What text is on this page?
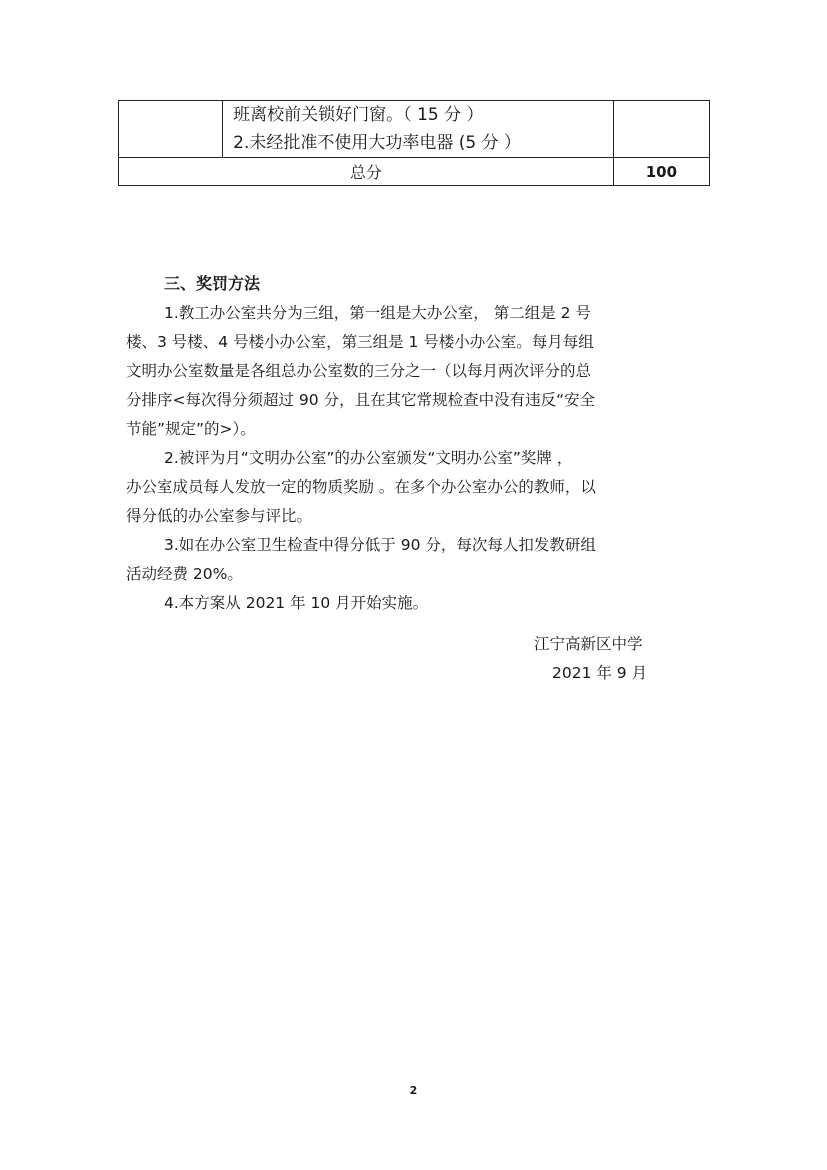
	班离校前关锁好门窗。（ 15 分 ）
2.未经批准不使用大功率电器 (5 分 ）	

总分		100
三、奖罚方法
1.教工办公室共分为三组，第一组是大办公室， 第二组是 2 号
楼、3 号楼、4 号楼小办公室，第三组是 1 号楼小办公室。每月每组
文明办公室数量是各组总办公室数的三分之一（以每月两次评分的总
分排序<每次得分须超过 90 分，且在其它常规检查中没有违反“安全
节能”规定”的>）。
2.被评为月“文明办公室”的办公室颁发“文明办公室”奖牌 ，
办公室成员每人发放一定的物质奖励 。在多个办公室办公的教师，以
得分低的办公室参与评比。
3.如在办公室卫生检查中得分低于 90 分，每次每人扣发教研组
活动经费 20%。
4.本方案从 2021 年 10 月开始实施。
江宁高新区中学
2021 年 9 月
2
